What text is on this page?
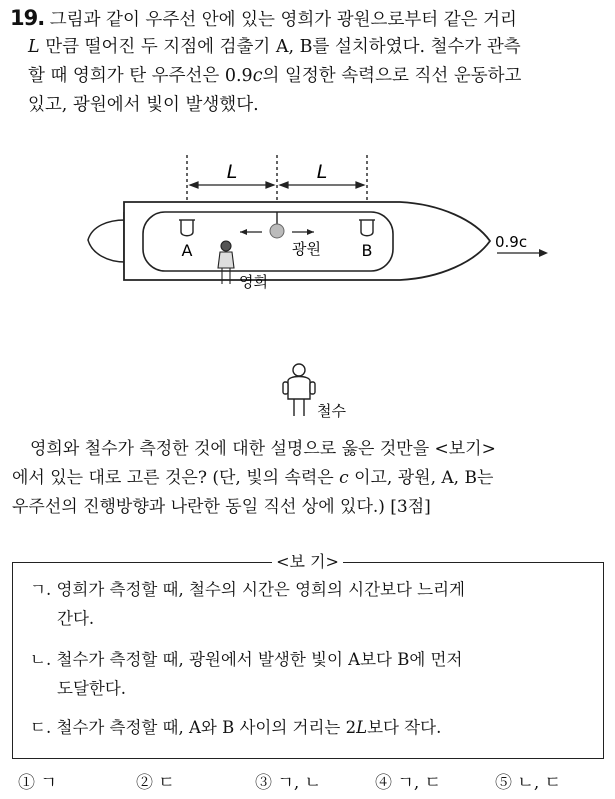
19. 그림과 같이 우주선 안에 있는 영희가 광원으로부터 같은 거리
L 만큼 떨어진 두 지점에 검출기 A, B를 설치하였다. 철수가 관측
할 때 영희가 탄 우주선은 0.9c의 일정한 속력으로 직선 운동하고
있고, 광원에서 빛이 발생했다.
L	L
A	B
광원
영희
0.9c
철수
영희와 철수가 측정한 것에 대한 설명으로 옳은 것만을 <보기>
에서 있는 대로 고른 것은? (단, 빛의 속력은 c 이고, 광원, A, B는
우주선의 진행방향과 나란한 동일 직선 상에 있다.) [3점]
<보 기>
ㄱ. 영희가 측정할 때, 철수의 시간은 영희의 시간보다 느리게
간다.
ㄴ. 철수가 측정할 때, 광원에서 발생한 빛이 A보다 B에 먼저
도달한다.
ㄷ. 철수가 측정할 때, A와 B 사이의 거리는 2L보다 작다.
① ㄱ	② ㄷ	③ ㄱ, ㄴ	④ ㄱ, ㄷ	⑤ ㄴ, ㄷ
